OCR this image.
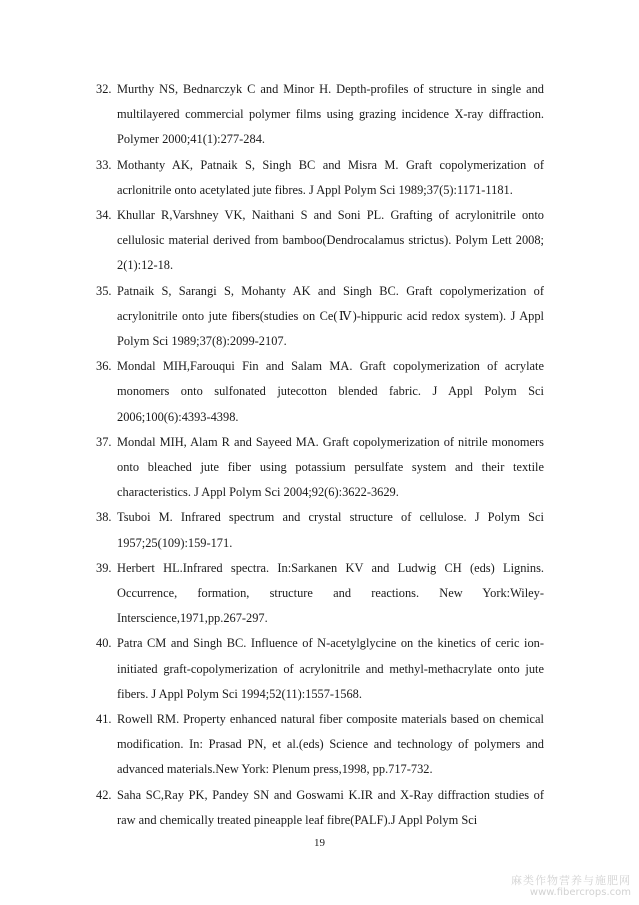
32. Murthy NS, Bednarczyk C and Minor H. Depth-profiles of structure in single and multilayered commercial polymer films using grazing incidence X-ray diffraction. Polymer 2000;41(1):277-284.
33. Mothanty AK, Patnaik S, Singh BC and Misra M. Graft copolymerization of acrlonitrile onto acetylated jute fibres. J Appl Polym Sci 1989;37(5):1171-1181.
34. Khullar R,Varshney VK, Naithani S and Soni PL. Grafting of acrylonitrile onto cellulosic material derived from bamboo(Dendrocalamus strictus). Polym Lett 2008; 2(1):12-18.
35. Patnaik S, Sarangi S, Mohanty AK and Singh BC. Graft copolymerization of acrylonitrile onto jute fibers(studies on Ce(Ⅳ)-hippuric acid redox system). J Appl Polym Sci 1989;37(8):2099-2107.
36. Mondal MIH,Farouqui Fin and Salam MA. Graft copolymerization of acrylate monomers onto sulfonated jutecotton blended fabric. J Appl Polym Sci 2006;100(6):4393-4398.
37. Mondal MIH, Alam R and Sayeed MA. Graft copolymerization of nitrile monomers onto bleached jute fiber using potassium persulfate system and their textile characteristics. J Appl Polym Sci 2004;92(6):3622-3629.
38. Tsuboi M. Infrared spectrum and crystal structure of cellulose. J Polym Sci 1957;25(109):159-171.
39. Herbert HL.Infrared spectra. In:Sarkanen KV and Ludwig CH (eds) Lignins. Occurrence, formation, structure and reactions. New York:Wiley-Interscience,1971,pp.267-297.
40. Patra CM and Singh BC. Influence of N-acetylglycine on the kinetics of ceric ion-initiated graft-copolymerization of acrylonitrile and methyl-methacrylate onto jute fibers. J Appl Polym Sci 1994;52(11):1557-1568.
41. Rowell RM. Property enhanced natural fiber composite materials based on chemical modification. In: Prasad PN, et al.(eds) Science and technology of polymers and advanced materials.New York: Plenum press,1998, pp.717-732.
42. Saha SC,Ray PK, Pandey SN and Goswami K.IR and X-Ray diffraction studies of raw and chemically treated pineapple leaf fibre(PALF).J Appl Polym Sci
19
麻类作物营养与施肥网
www.fibercrops.com
